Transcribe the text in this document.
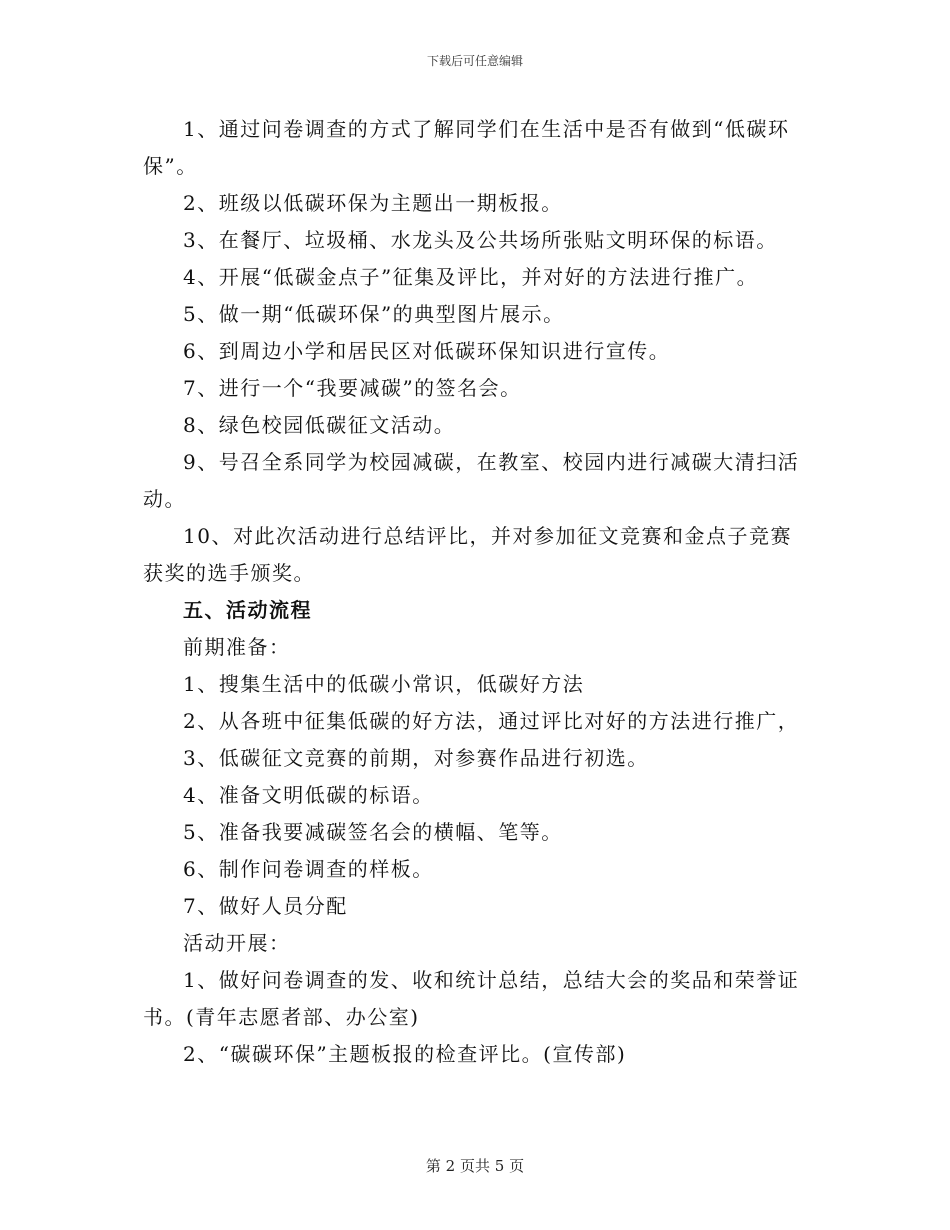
下载后可任意编辑

1、通过问卷调查的方式了解同学们在生活中是否有做到“低碳环保”。

2、班级以低碳环保为主题出一期板报。

3、在餐厅、垃圾桶、水龙头及公共场所张贴文明环保的标语。

4、开展“低碳金点子”征集及评比，并对好的方法进行推广。

5、做一期“低碳环保”的典型图片展示。

6、到周边小学和居民区对低碳环保知识进行宣传。

7、进行一个“我要减碳”的签名会。

8、绿色校园低碳征文活动。

9、号召全系同学为校园减碳，在教室、校园内进行减碳大清扫活动。

10、对此次活动进行总结评比，并对参加征文竞赛和金点子竞赛获奖的选手颁奖。

五、活动流程

前期准备：

1、搜集生活中的低碳小常识，低碳好方法

2、从各班中征集低碳的好方法，通过评比对好的方法进行推广，

3、低碳征文竞赛的前期，对参赛作品进行初选。

4、准备文明低碳的标语。

5、准备我要减碳签名会的横幅、笔等。

6、制作问卷调查的样板。

7、做好人员分配

活动开展：

1、做好问卷调查的发、收和统计总结，总结大会的奖品和荣誉证书。(青年志愿者部、办公室)

2、“碳碳环保”主题板报的检查评比。(宣传部)

第 2 页共 5 页
